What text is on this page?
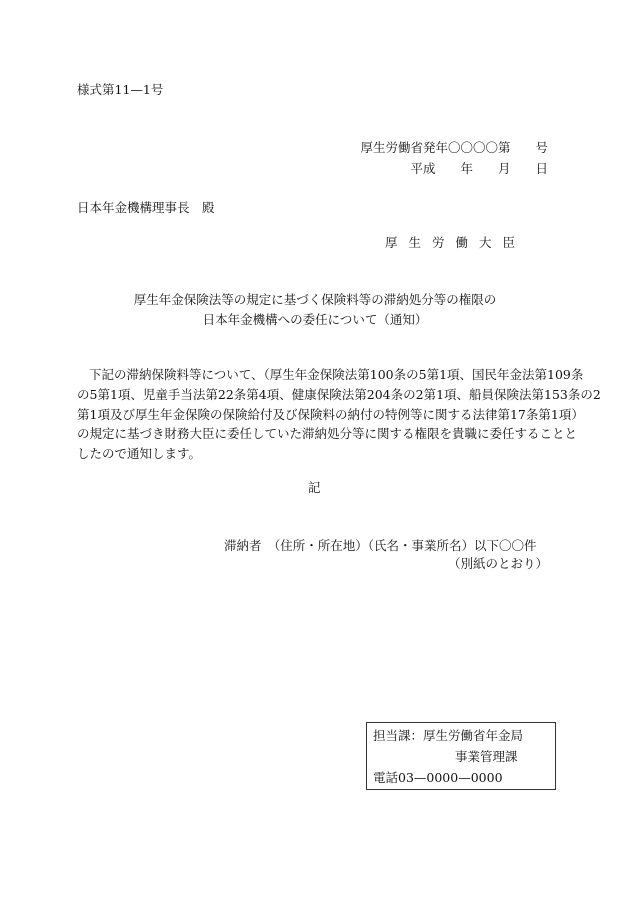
様式第11—1号
厚生労働省発年〇〇〇〇第　　号
平成　　年　　月　　日
日本年金機構理事長　殿
厚生労働大臣
厚生年金保険法等の規定に基づく保険料等の滞納処分等の権限の
日本年金機構への委任について（通知）
下記の滞納保険料等について、（厚生年金保険法第100条の5第1項、国民年金法第109条
の5第1項、児童手当法第22条第4項、健康保険法第204条の2第1項、船員保険法第153条の2
第1項及び厚生年金保険の保険給付及び保険料の納付の特例等に関する法律第17条第1項）
の規定に基づき財務大臣に委任していた滞納処分等に関する権限を貴職に委任することと
したので通知します。
記
滞納者　（住所・所在地）（氏名・事業所名）以下〇〇件
（別紙のとおり）
担当課：厚生労働省年金局
事業管理課
電話03—0000—0000
